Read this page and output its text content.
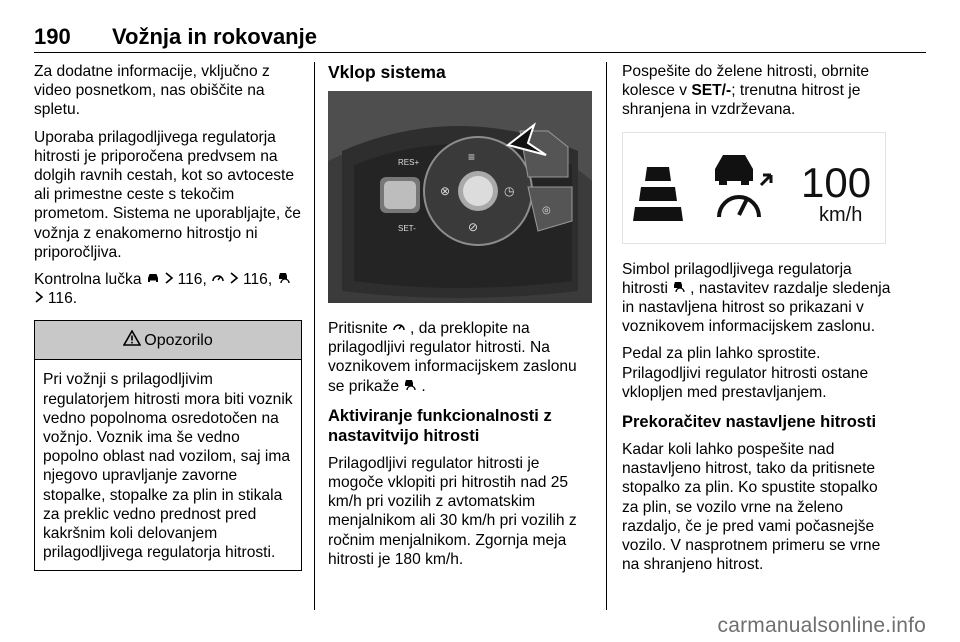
190 Vožnja in rokovanje

Za dodatne informacije, vključno z video posnetkom, nas obiščite na spletu.

Uporaba prilagodljivega regulatorja hitrosti je priporočena predvsem na dolgih ravnih cestah, kot so avtoceste ali primestne ceste s tekočim prometom. Sistema ne uporabljajte, če vožnja z enakomerno hitrostjo ni priporočljiva.

Kontrolna lučka 116, 116,
116.

Opozorilo
Pri vožnji s prilagodljivim regulatorjem hitrosti mora biti voznik vedno popolnoma osredotočen na vožnjo. Voznik ima še vedno popolno oblast nad vozilom, saj ima njegovo upravljanje zavorne stopalke, stopalke za plin in stikala za preklic vedno prednost pred kakršnim koli delovanjem prilagodljivega regulatorja hitrosti.
Vklop sistema
RES+
SET-
≡
⊗	◷
⊘
◎

Pritisnite , da preklopite na prilagodljivi regulator hitrosti. Na voznikovem informacijskem zaslonu se prikaže .

Aktiviranje funkcionalnosti z nastavitvijo hitrosti

Prilagodljivi regulator hitrosti je mogoče vklopiti pri hitrostih nad 25 km/h pri vozilih z avtomatskim menjalnikom ali 30 km/h pri vozilih z ročnim menjalnikom. Zgornja meja hitrosti je 180 km/h.

Pospešite do želene hitrosti, obrnite kolesce v SET/-; trenutna hitrost je shranjena in vzdrževana.

100
km/h

Simbol prilagodljivega regulatorja hitrosti , nastavitev razdalje sledenja in nastavljena hitrost so prikazani v voznikovem informacijskem zaslonu.

Pedal za plin lahko sprostite. Prilagodljivi regulator hitrosti ostane vklopljen med prestavljanjem.

Prekoračitev nastavljene hitrosti

Kadar koli lahko pospešite nad nastavljeno hitrost, tako da pritisnete stopalko za plin. Ko spustite stopalko za plin, se vozilo vrne na želeno razdaljo, če je pred vami počasnejše vozilo. V nasprotnem primeru se vrne na shranjeno hitrost.

carmanualsonline.info
